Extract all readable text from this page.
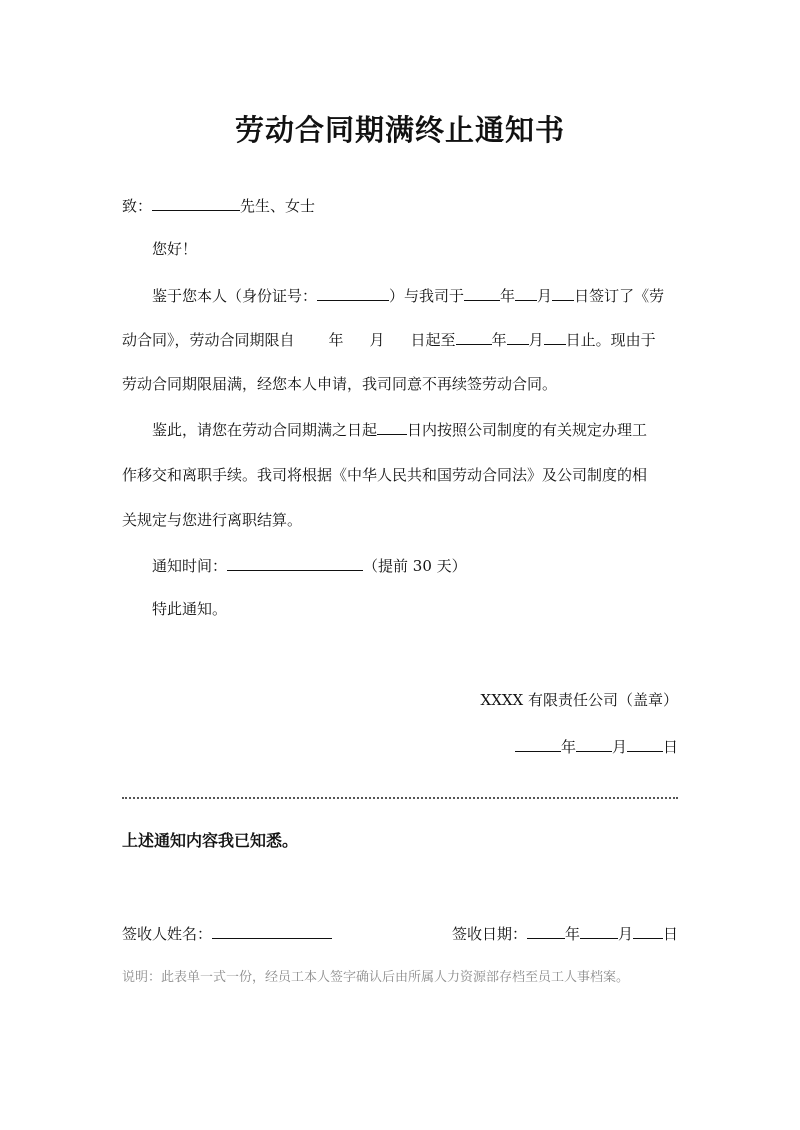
劳动合同期满终止通知书
致：	先生、女士
您好！
鉴于您本人（身份证号：	）与我司于 年 月 日签订了《劳
动合同》，劳动合同期限自 年 月 日起至 年 月 日止。现由于
劳动合同期限届满，经您本人申请，我司同意不再续签劳动合同。
鉴此，请您在劳动合同期满之日起 日内按照公司制度的有关规定办理工
作移交和离职手续。我司将根据《中华人民共和国劳动合同法》及公司制度的相
关规定与您进行离职结算。
通知时间：	（提前 30 天）
特此通知。
XXXX 有限责任公司（盖章）
年 月 日
上述通知内容我已知悉。
签收人姓名：	签收日期：	年	月 日
说明：此表单一式一份，经员工本人签字确认后由所属人力资源部存档至员工人事档案。
